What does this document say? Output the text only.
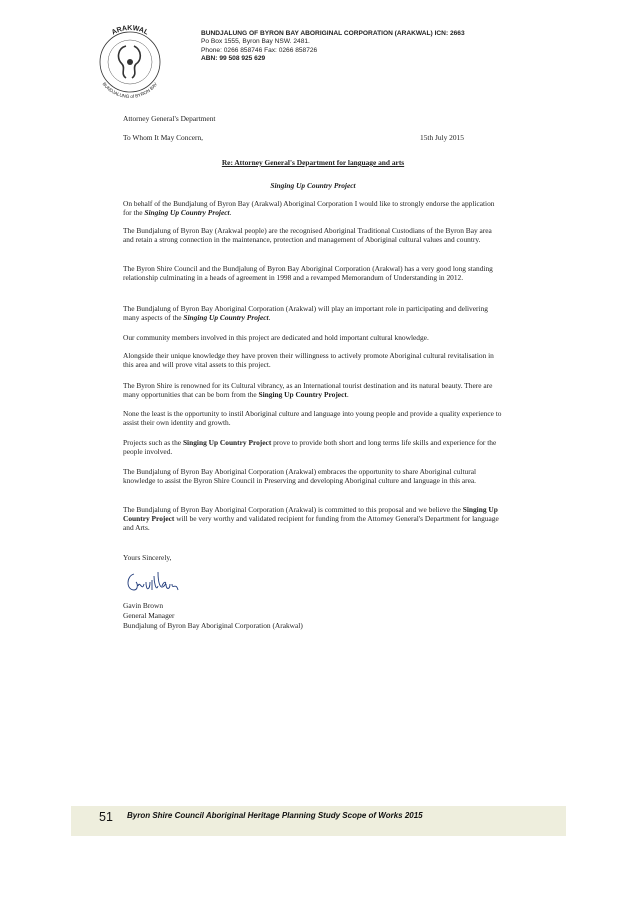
ARAKWAL
BUNDJALUNG of BYRON BAY
BUNDJALUNG OF BYRON BAY ABORIGINAL CORPORATION (ARAKWAL) ICN: 2663
Po Box 1555, Byron Bay NSW. 2481.
Phone: 0266 858746 Fax: 0266 858726
ABN: 99 508 925 629
Attorney General's Department
To Whom It May Concern,	15th July 2015
Re: Attorney General's Department for language and arts
Singing Up Country Project

On behalf of the Bundjalung of Byron Bay (Arakwal) Aboriginal Corporation I would like to strongly endorse the application for the Singing Up Country Project.

The Bundjalung of Byron Bay (Arakwal people) are the recognised Aboriginal Traditional Custodians of the Byron Bay area and retain a strong connection in the maintenance, protection and management of Aboriginal cultural values and country.

The Byron Shire Council and the Bundjalung of Byron Bay Aboriginal Corporation (Arakwal) has a very good long standing relationship culminating in a heads of agreement in 1998 and a revamped Memorandum of Understanding in 2012.

The Bundjalung of Byron Bay Aboriginal Corporation (Arakwal) will play an important role in participating and delivering many aspects of the Singing Up Country Project.

Our community members involved in this project are dedicated and hold important cultural knowledge.

Alongside their unique knowledge they have proven their willingness to actively promote Aboriginal cultural revitalisation in this area and will prove vital assets to this project.

The Byron Shire is renowned for its Cultural vibrancy, as an International tourist destination and its natural beauty. There are many opportunities that can be born from the Singing Up Country Project.

None the least is the opportunity to instil Aboriginal culture and language into young people and provide a quality experience to assist their own identity and growth.

Projects such as the Singing Up Country Project prove to provide both short and long terms life skills and experience for the people involved.

The Bundjalung of Byron Bay Aboriginal Corporation (Arakwal) embraces the opportunity to share Aboriginal cultural knowledge to assist the Byron Shire Council in Preserving and developing Aboriginal culture and language in this area.

The Bundjalung of Byron Bay Aboriginal Corporation (Arakwal) is committed to this proposal and we believe the Singing Up Country Project will be very worthy and validated recipient for funding from the Attorney General's Department for language and Arts.

Yours Sincerely,
Gavin Brown
General Manager
Bundjalung of Byron Bay Aboriginal Corporation (Arakwal)
51 Byron Shire Council Aboriginal Heritage Planning Study Scope of Works 2015
